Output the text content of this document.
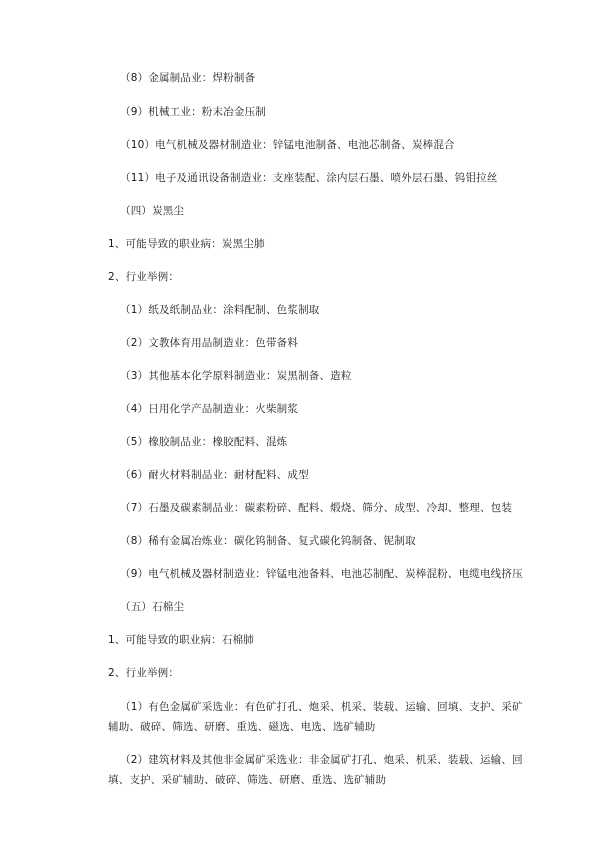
（8）金属制品业：焊粉制备
（9）机械工业：粉末冶金压制
（10）电气机械及器材制造业：锌锰电池制备、电池芯制备、炭棒混合
（11）电子及通讯设备制造业：支座装配、涂内层石墨、喷外层石墨、钨钼拉丝
（四）炭黑尘
1、可能导致的职业病：炭黑尘肺
2、行业举例：
（1）纸及纸制品业：涂料配制、色浆制取
（2）文教体育用品制造业：色带备料
（3）其他基本化学原料制造业：炭黑制备、造粒
（4）日用化学产品制造业：火柴制浆
（5）橡胶制品业：橡胶配料、混炼
（6）耐火材料制品业：耐材配料、成型
（7）石墨及碳素制品业：碳素粉碎、配料、煅烧、筛分、成型、冷却、整理、包装
（8）稀有金属冶炼业：碳化钨制备、复式碳化钨制备、铌制取
（9）电气机械及器材制造业：锌锰电池备料、电池芯制配、炭棒混粉、电缆电线挤压
（五）石棉尘
1、可能导致的职业病：石棉肺
2、行业举例：
（1）有色金属矿采选业：有色矿打孔、炮采、机采、装载、运输、回填、支护、采矿辅助、破碎、筛选、研磨、重选、磁选、电选、选矿辅助
（2）建筑材料及其他非金属矿采选业：非金属矿打孔、炮采、机采、装载、运输、回填、支护、采矿辅助、破碎、筛选、研磨、重选、选矿辅助
